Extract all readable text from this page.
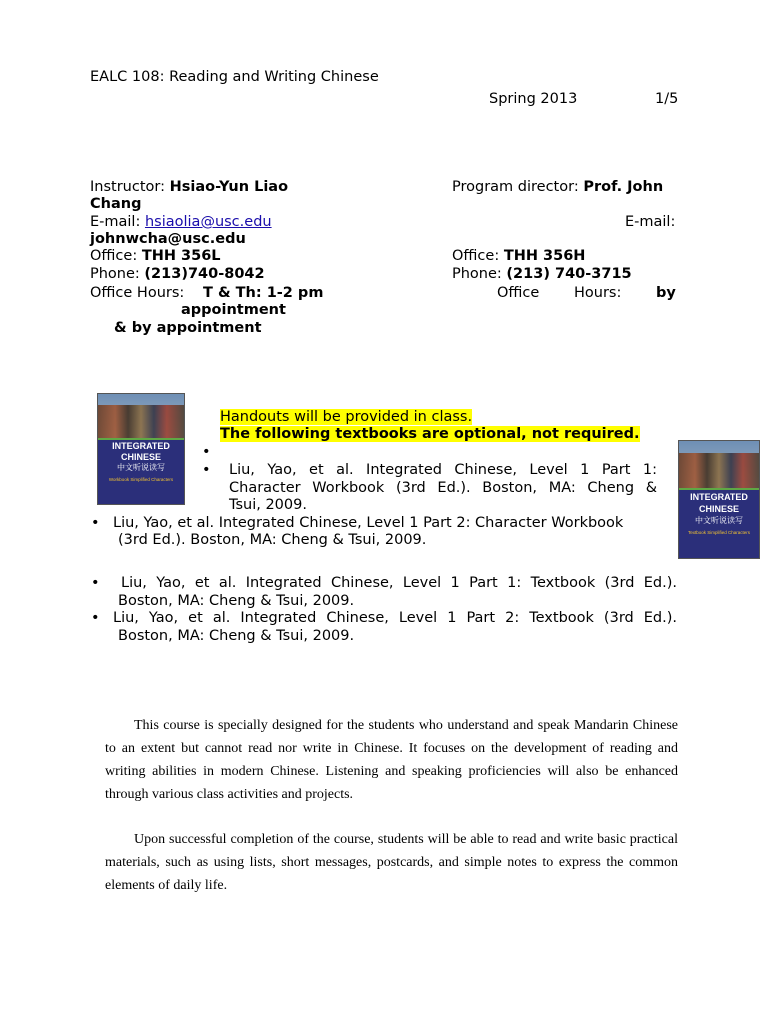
EALC 108: Reading and Writing Chinese
Spring 2013	1/5
Instructor: Hsiao-Yun Liao
Chang
E-mail: hsiaolia@usc.edu
johnwcha@usc.edu
Office: THH 356L
Phone: (213)740-8042
Office Hours: T & Th: 1-2 pm
appointment
& by appointment
Program director: Prof. John
E-mail:
Office: THH 356H
Phone: (213) 740-3715
Office Hours: by
INTEGRATED
CHINESE
中文听说读写
Workbook Simplified Characters
INTEGRATED
CHINESE
中文听说读写
Textbook Simplified Characters
Handouts will be provided in class.
The following textbooks are optional, not required.
•
• Liu, Yao, et al. Integrated Chinese, Level 1 Part 1:
Character Workbook (3rd Ed.). Boston, MA: Cheng &
Tsui, 2009.
• Liu, Yao, et al. Integrated Chinese, Level 1 Part 2: Character Workbook
(3rd Ed.). Boston, MA: Cheng & Tsui, 2009.
• Liu, Yao, et al. Integrated Chinese, Level 1 Part 1: Textbook (3rd Ed.).
Boston, MA: Cheng & Tsui, 2009.
• Liu, Yao, et al. Integrated Chinese, Level 1 Part 2: Textbook (3rd Ed.).
Boston, MA: Cheng & Tsui, 2009.
This course is specially designed for the students who understand and speak Mandarin Chinese to an extent but cannot read nor write in Chinese. It focuses on the development of reading and writing abilities in modern Chinese. Listening and speaking proficiencies will also be enhanced through various class activities and projects.
Upon successful completion of the course, students will be able to read and write basic practical materials, such as using lists, short messages, postcards, and simple notes to express the common elements of daily life.
